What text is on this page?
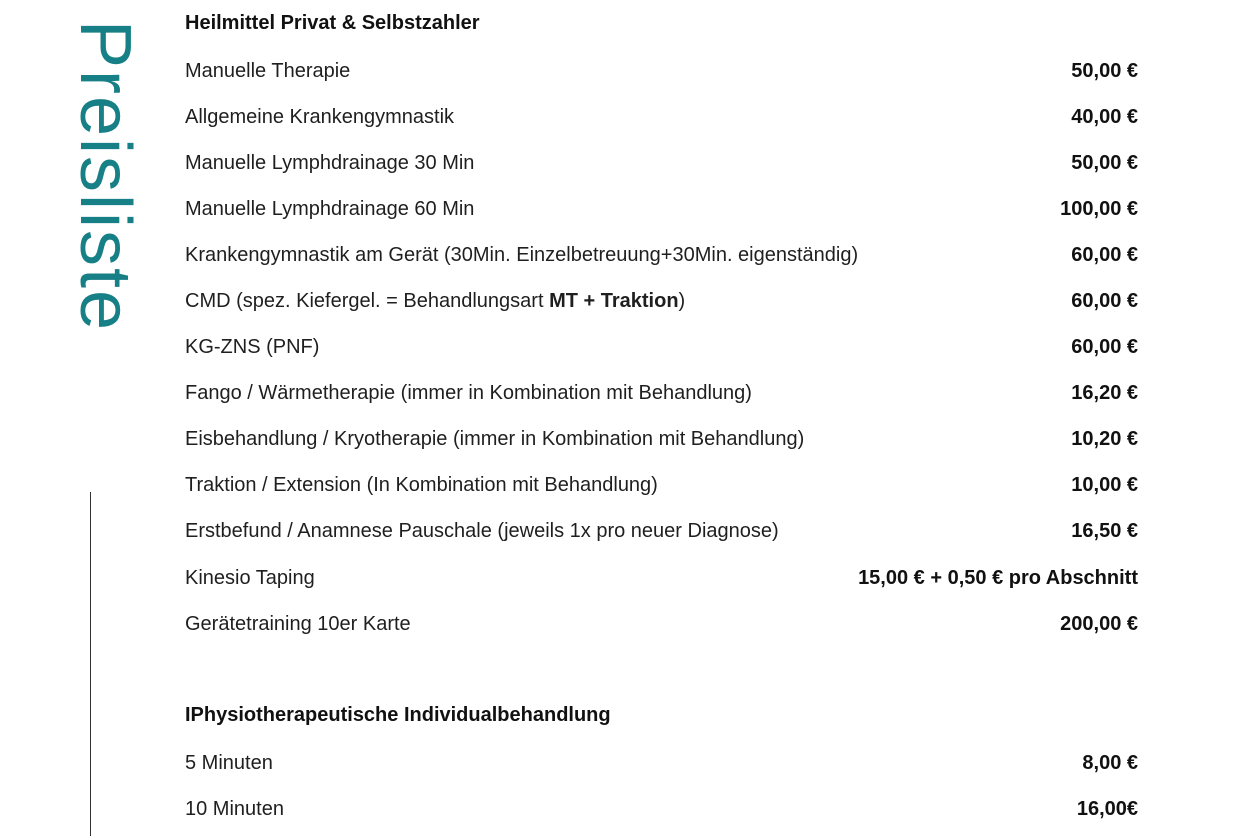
Preisliste Heilmittel Privat & Selbstzahler
Manuelle Therapie	50,00 €
Allgemeine Krankengymnastik	40,00 €
Manuelle Lymphdrainage 30 Min	50,00 €
Manuelle Lymphdrainage 60 Min	100,00 €
Krankengymnastik am Gerät (30Min. Einzelbetreuung+30Min. eigenständig)	60,00 €
CMD (spez. Kiefergel. = Behandlungsart MT + Traktion)	60,00 €
KG-ZNS (PNF)	60,00 €
Fango / Wärmetherapie (immer in Kombination mit Behandlung)	16,20 €
Eisbehandlung / Kryotherapie (immer in Kombination mit Behandlung)	10,20 €
Traktion / Extension (In Kombination mit Behandlung)	10,00 €
Erstbefund / Anamnese Pauschale (jeweils 1x pro neuer Diagnose)	16,50 €
Kinesio Taping	15,00 € + 0,50 € pro Abschnitt
Gerätetraining 10er Karte	200,00 €
IPhysiotherapeutische Individualbehandlung
5 Minuten	8,00 €
10 Minuten	16,00€
